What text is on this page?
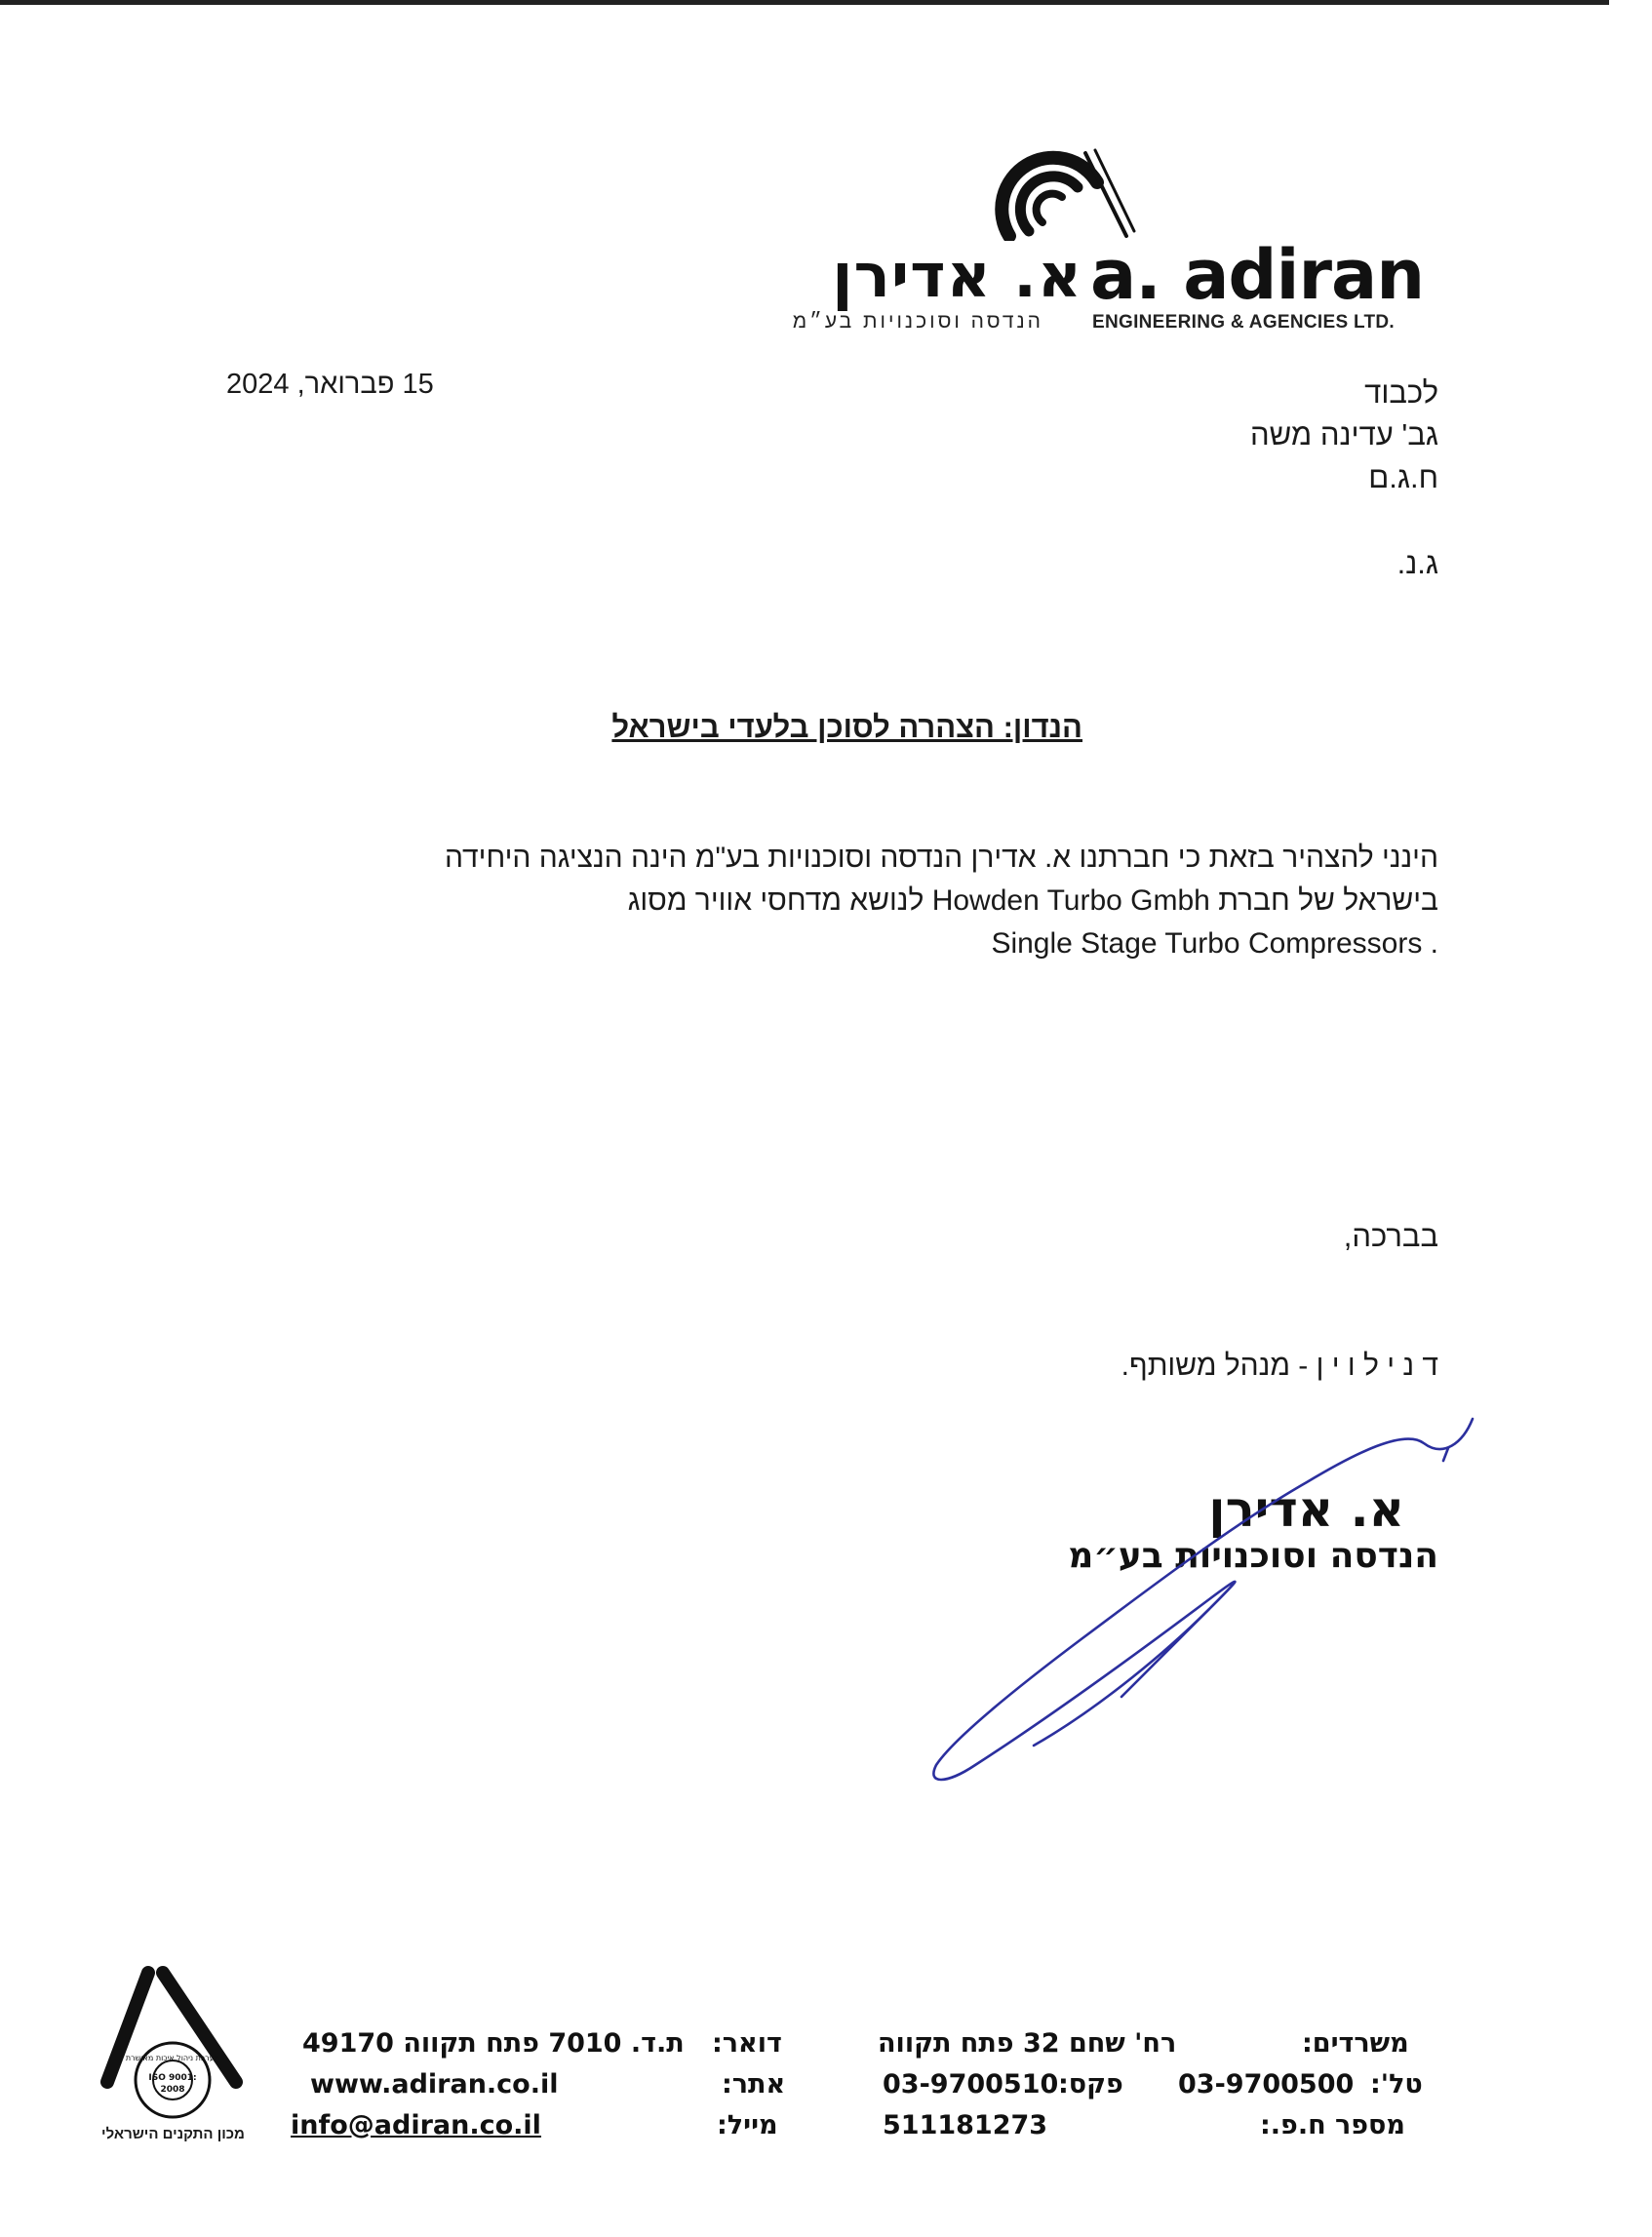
א. אדירן a. adiran
הנדסה וסוכנויות בע״מ	ENGINEERING & AGENCIES LTD.
15 פברואר, 2024	לכבוד
גב' עדינה משה
ח.ג.ם
ג.נ.
הנדון: הצהרה לסוכן בלעדי בישראל
הינני להצהיר בזאת כי חברתנו א. אדירן הנדסה וסוכנויות בע"מ הינה הנציגה היחידה
בישראל של חברת Howden Turbo Gmbh לנושא מדחסי אוויר מסוג
Single Stage Turbo Compressors .
בברכה,
ד נ י ל ו י ן - מנהל משותף.
א. אדירן
הנדסה וסוכנויות בע״מ
משרדים:
רח' שחם 32 פתח תקווה
טל':
03-9700500
פקס:
03-9700510
מספר ח.פ.:
511181273
דואר:
ת.ד. 7010 פתח תקווה 49170
אתר:
www.adiran.co.il
מייל:
info@adiran.co.il
מערכת ניהול איכות מאושרת
ISO 9001:
2008
מכון התקנים הישראלי
